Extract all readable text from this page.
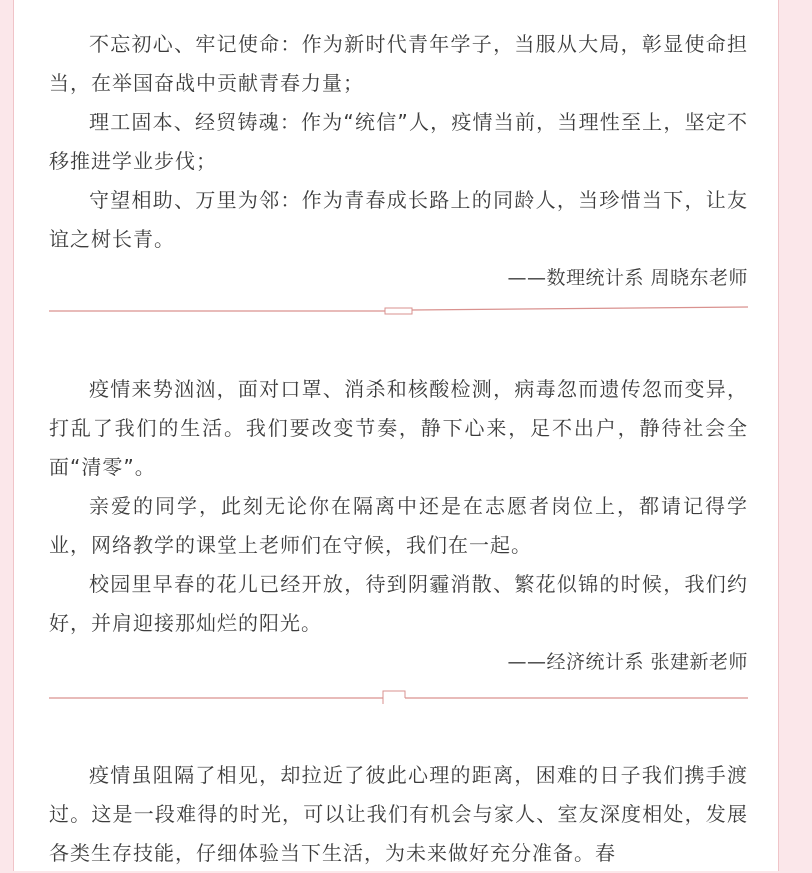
不忘初心、牢记使命：作为新时代青年学子，当服从大局，彰显使命担当，在举国奋战中贡献青春力量；

理工固本、经贸铸魂：作为“统信”人，疫情当前，当理性至上，坚定不移推进学业步伐；

守望相助、万里为邻：作为青春成长路上的同龄人，当珍惜当下，让友谊之树长青。

——数理统计系 周晓东老师

疫情来势汹汹，面对口罩、消杀和核酸检测，病毒忽而遗传忽而变异，打乱了我们的生活。我们要改变节奏，静下心来，足不出户，静待社会全面“清零”。

亲爱的同学，此刻无论你在隔离中还是在志愿者岗位上，都请记得学业，网络教学的课堂上老师们在守候，我们在一起。

校园里早春的花儿已经开放，待到阴霾消散、繁花似锦的时候，我们约好，并肩迎接那灿烂的阳光。

——经济统计系 张建新老师

疫情虽阻隔了相见，却拉近了彼此心理的距离，困难的日子我们携手渡过。这是一段难得的时光，可以让我们有机会与家人、室友深度相处，发展各类生存技能，仔细体验当下生活，为未来做好充分准备。春
